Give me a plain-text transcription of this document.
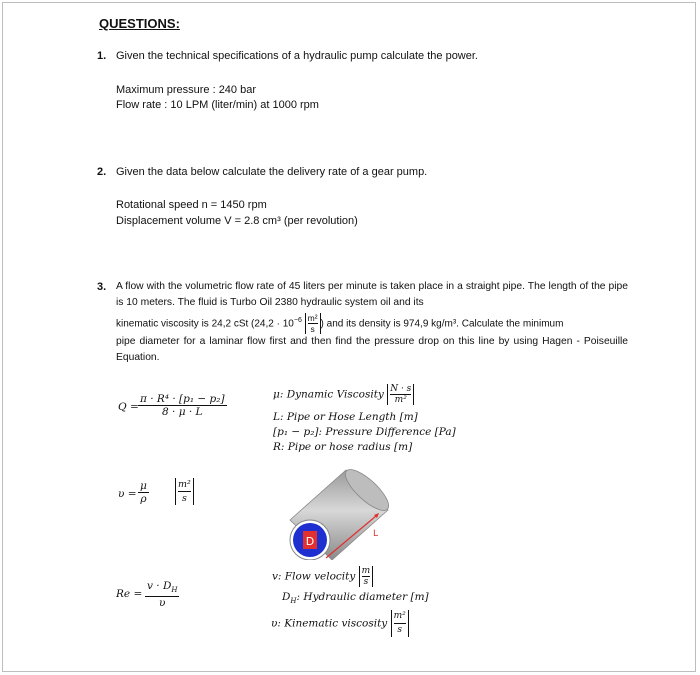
QUESTIONS:
1. Given the technical specifications of a hydraulic pump calculate the power.
Maximum pressure : 240 bar
Flow rate : 10 LPM (liter/min) at 1000 rpm
2. Given the data below calculate the delivery rate of a gear pump.
Rotational speed n = 1450 rpm
Displacement volume V = 2.8 cm³ (per revolution)
3. A flow with the volumetric flow rate of 45 liters per minute is taken place in a straight pipe. The length of the pipe is 10 meters. The fluid is Turbo Oil 2380 hydraulic system oil and its
kinematic viscosity is 24,2 cSt ($24,2 \cdot 10^{-6} \frac{\text{m²}}{s}$ ) and its density is 974,9 kg/m³. Calculate the minimum
pipe diameter for a laminar flow first and then find the pressure drop on this line by using Hagen - Poiseuille Equation.
$Q = \frac{\text{π · R⁴ · [p₁ − p₂]}}{8 \cdot \mu \cdot L}$	μ: Dynamic Viscosity $\frac{N \cdot s}{\text{m²}}$
L: Pipe or Hose Length [m]
[p₁ − p₂]: Pressure Difference [Pa]
R: Pipe or hose radius [m]
$\upsilon = \frac{\mu}{\rho}$	$\frac{\text{m²}}{s}$
D
L
$Re = \frac{v \cdot D_H}{\upsilon}$
v: Flow velocity $\frac{m}{s}$
$D_H$: Hydraulic diameter [m]
υ: Kinematic viscosity $\frac{\text{m²}}{s}$
